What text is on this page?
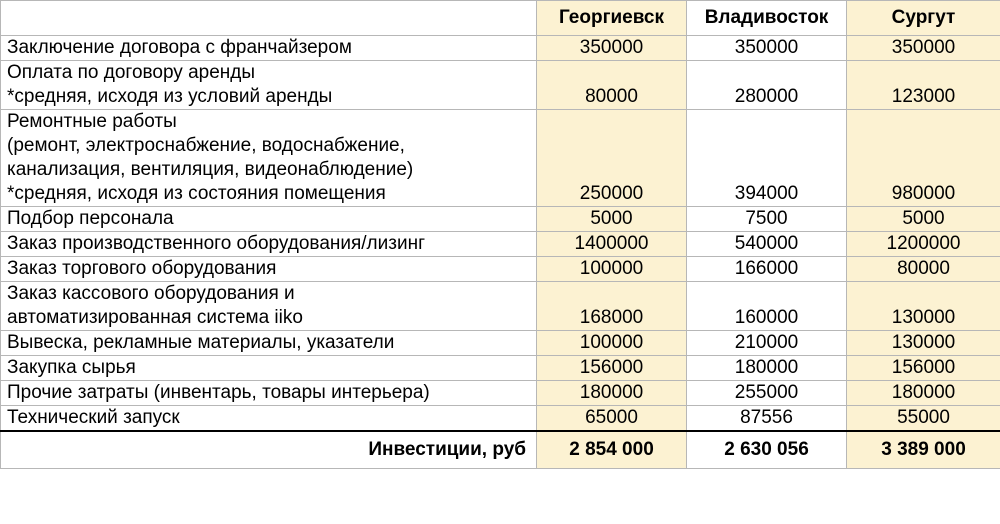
	Георгиевск	Владивосток	Сургут

Заключение договора с франчайзером	350000	350000	350000

Оплата по договору аренды
*средняя, исходя из условий аренды	80000	280000	123000

Ремонтные работы
(ремонт, электроснабжение, водоснабжение,
канализация, вентиляция, видеонаблюдение)
*средняя, исходя из состояния помещения	250000	394000	980000

Подбор персонала	5000	7500	5000

Заказ производственного оборудования/лизинг	1400000	540000	1200000

Заказ торгового оборудования	100000	166000	80000

Заказ кассового оборудования и
автоматизированная система iiko	168000	160000	130000

Вывеска, рекламные материалы, указатели	100000	210000	130000

Закупка сырья	156000	180000	156000

Прочие затраты (инвентарь, товары интерьера)	180000	255000	180000

Технический запуск	65000	87556	55000
Инвестиции, руб	2 854 000	2 630 056	3 389 000
